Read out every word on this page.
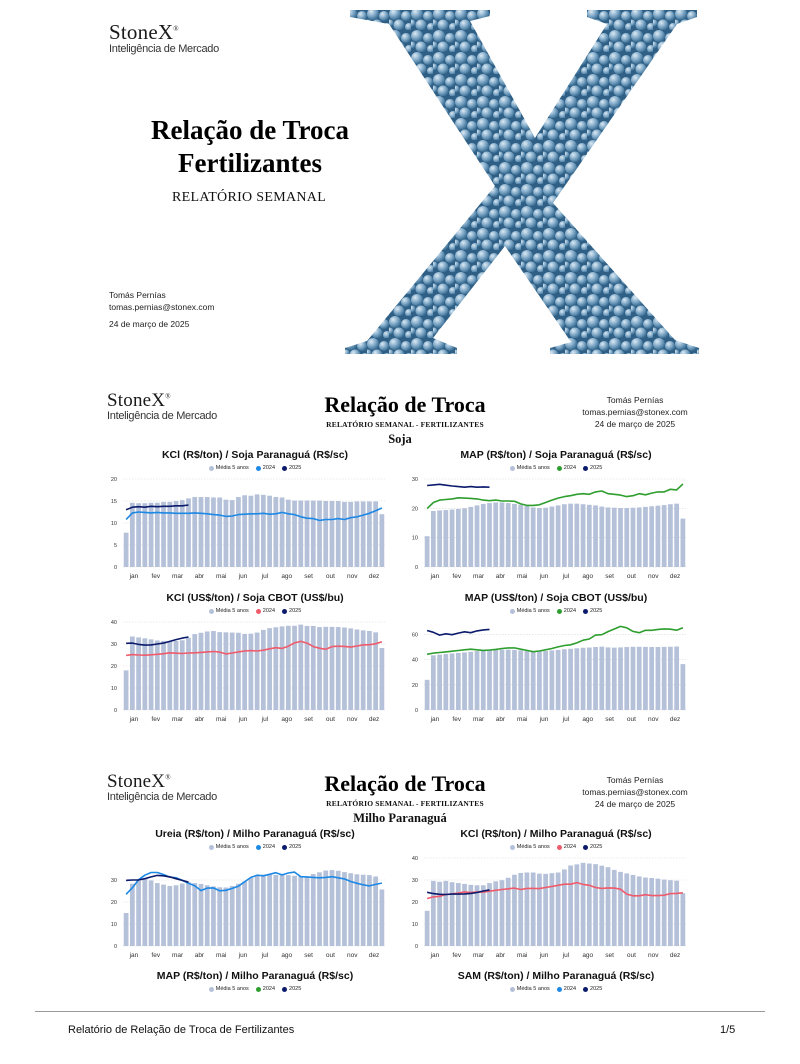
StoneX®
Inteligência de Mercado
Relação de Troca
Fertilizantes
RELATÓRIO SEMANAL
Tomás Pernías
tomas.pernias@stonex.com
24 de março de 2025
StoneX®
Inteligência de Mercado	Relação de Troca
RELATÓRIO SEMANAL - FERTILIZANTES
Soja
Tomás Pernías
tomas.pernias@stonex.com
24 de março de 2025
KCl (R$/ton) / Soja Paranaguá (R$/sc)
Média 5 anos	2024	2025
0
5
10
15
20
jan fev mar abr mai jun jul ago set out nov dez
MAP (R$/ton) / Soja Paranaguá (R$/sc)
Média 5 anos	2024	2025
0
10
20
30
jan fev mar abr mai jun jul ago set out nov dez
KCl (US$/ton) / Soja CBOT (US$/bu)
Média 5 anos	2024	2025
0
10
20
30
40
jan fev mar abr mai jun jul ago set out nov dez
MAP (US$/ton) / Soja CBOT (US$/bu)
Média 5 anos	2024	2025
0
20
40
60
jan fev mar abr mai jun jul ago set out nov dez
StoneX®
Inteligência de Mercado
Relação de Troca
RELATÓRIO SEMANAL - FERTILIZANTES
Milho Paranaguá
Tomás Pernías
tomas.pernias@stonex.com
24 de março de 2025
Ureia (R$/ton) / Milho Paranaguá (R$/sc)
Média 5 anos	2024	2025
0
10
20
30
jan fev mar abr mai jun jul ago set out nov dez
KCl (R$/ton) / Milho Paranaguá (R$/sc)
Média 5 anos	2024	2025
0
10
20
30
40
jan fev mar abr mai jun jul ago set out nov dez
MAP (R$/ton) / Milho Paranaguá (R$/sc)
Média 5 anos	2024	2025
SAM (R$/ton) / Milho Paranaguá (R$/sc)
Média 5 anos	2024	2025
Relatório de Relação de Troca de Fertilizantes	1/5
